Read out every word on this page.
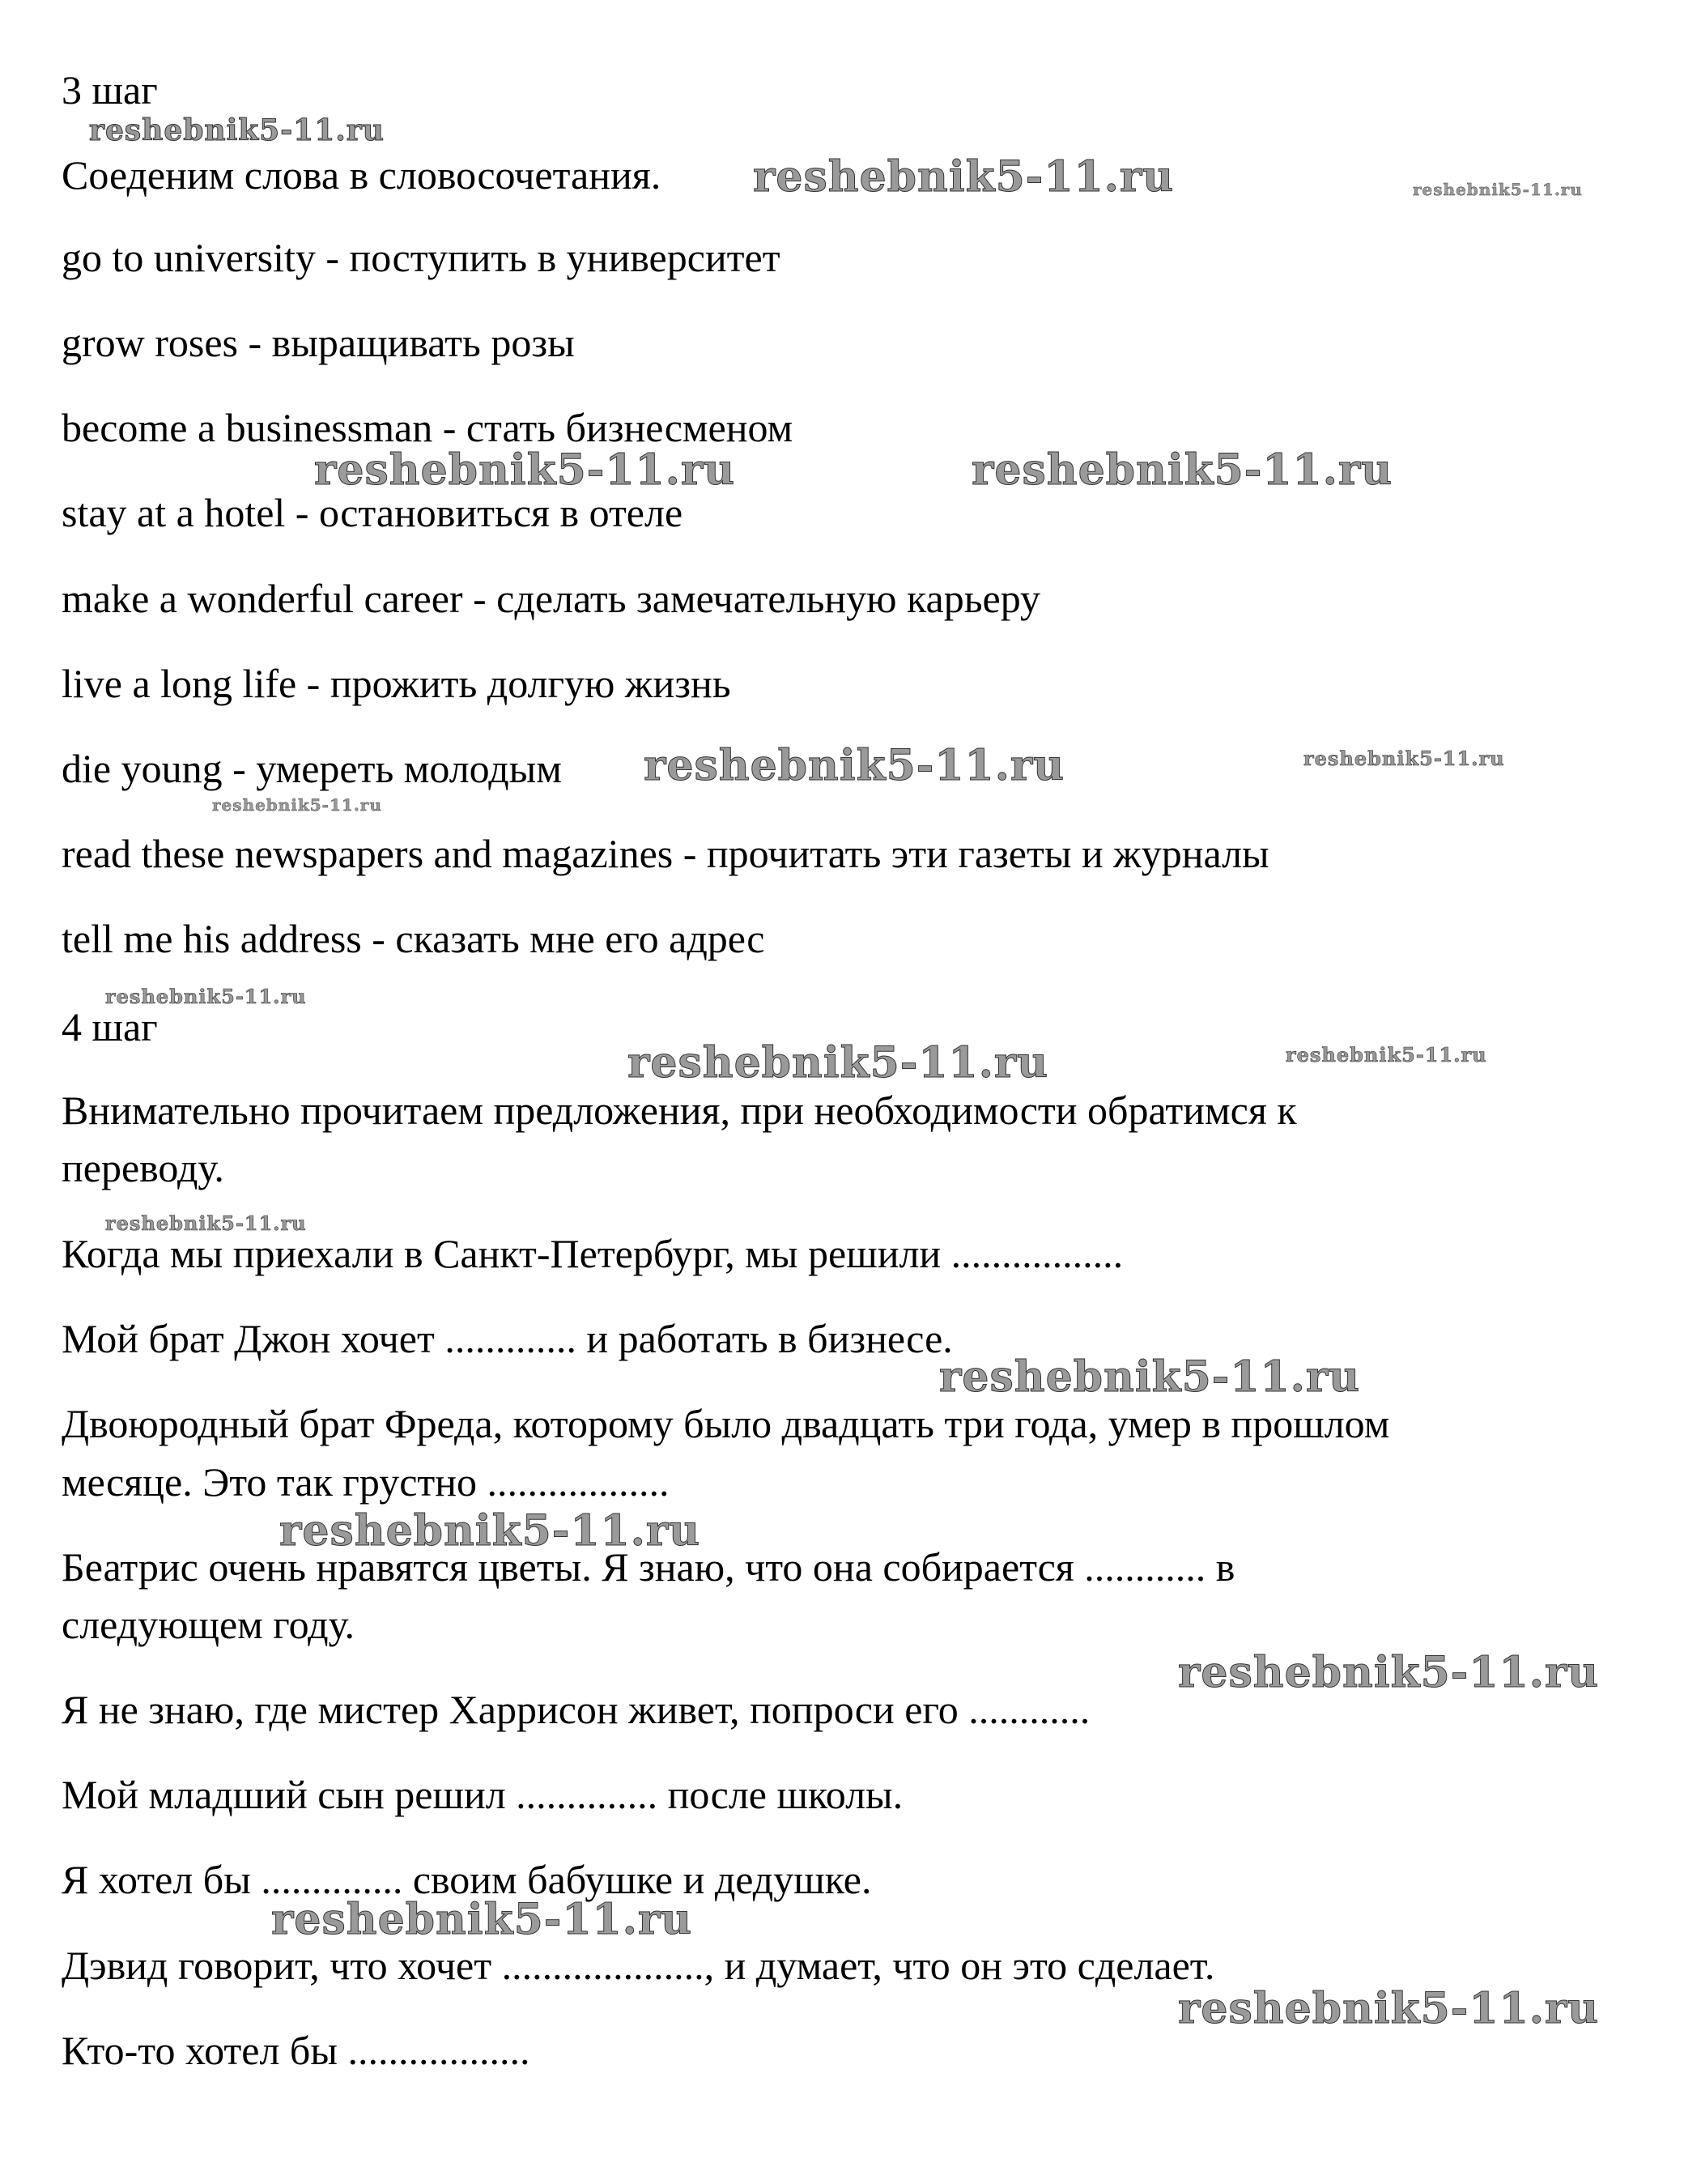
3 шаг
Соеденим слова в словосочетания.
go to university - поступить в университет
grow roses - выращивать розы
become a businessman - стать бизнесменом
stay at a hotel - остановиться в отеле
make a wonderful career - сделать замечательную карьеру
live a long life - прожить долгую жизнь
die young - умереть молодым
read these newspapers and magazines - прочитать эти газеты и журналы
tell me his address - сказать мне его адрес
4 шаг
Внимательно прочитаем предложения, при необходимости обратимся к
переводу.
Когда мы приехали в Санкт-Петербург, мы решили .................
Мой брат Джон хочет ............. и работать в бизнесе.
Двоюродный брат Фреда, которому было двадцать три года, умер в прошлом
месяце. Это так грустно ..................
Беатрис очень нравятся цветы. Я знаю, что она собирается ............ в
следующем году.
Я не знаю, где мистер Харрисон живет, попроси его ............
Мой младший сын решил .............. после школы.
Я хотел бы .............. своим бабушке и дедушке.
Дэвид говорит, что хочет ...................., и думает, что он это сделает.
Кто-то хотел бы ..................
reshebnik5-11.ru
reshebnik5-11.ru	reshebnik5-11.ru
reshebnik5-11.ru	reshebnik5-11.ru
reshebnik5-11.ru	reshebnik5-11.ru
reshebnik5-11.ru
reshebnik5-11.ru
reshebnik5-11.ru	reshebnik5-11.ru
reshebnik5-11.ru
reshebnik5-11.ru
reshebnik5-11.ru
reshebnik5-11.ru
reshebnik5-11.ru
reshebnik5-11.ru
